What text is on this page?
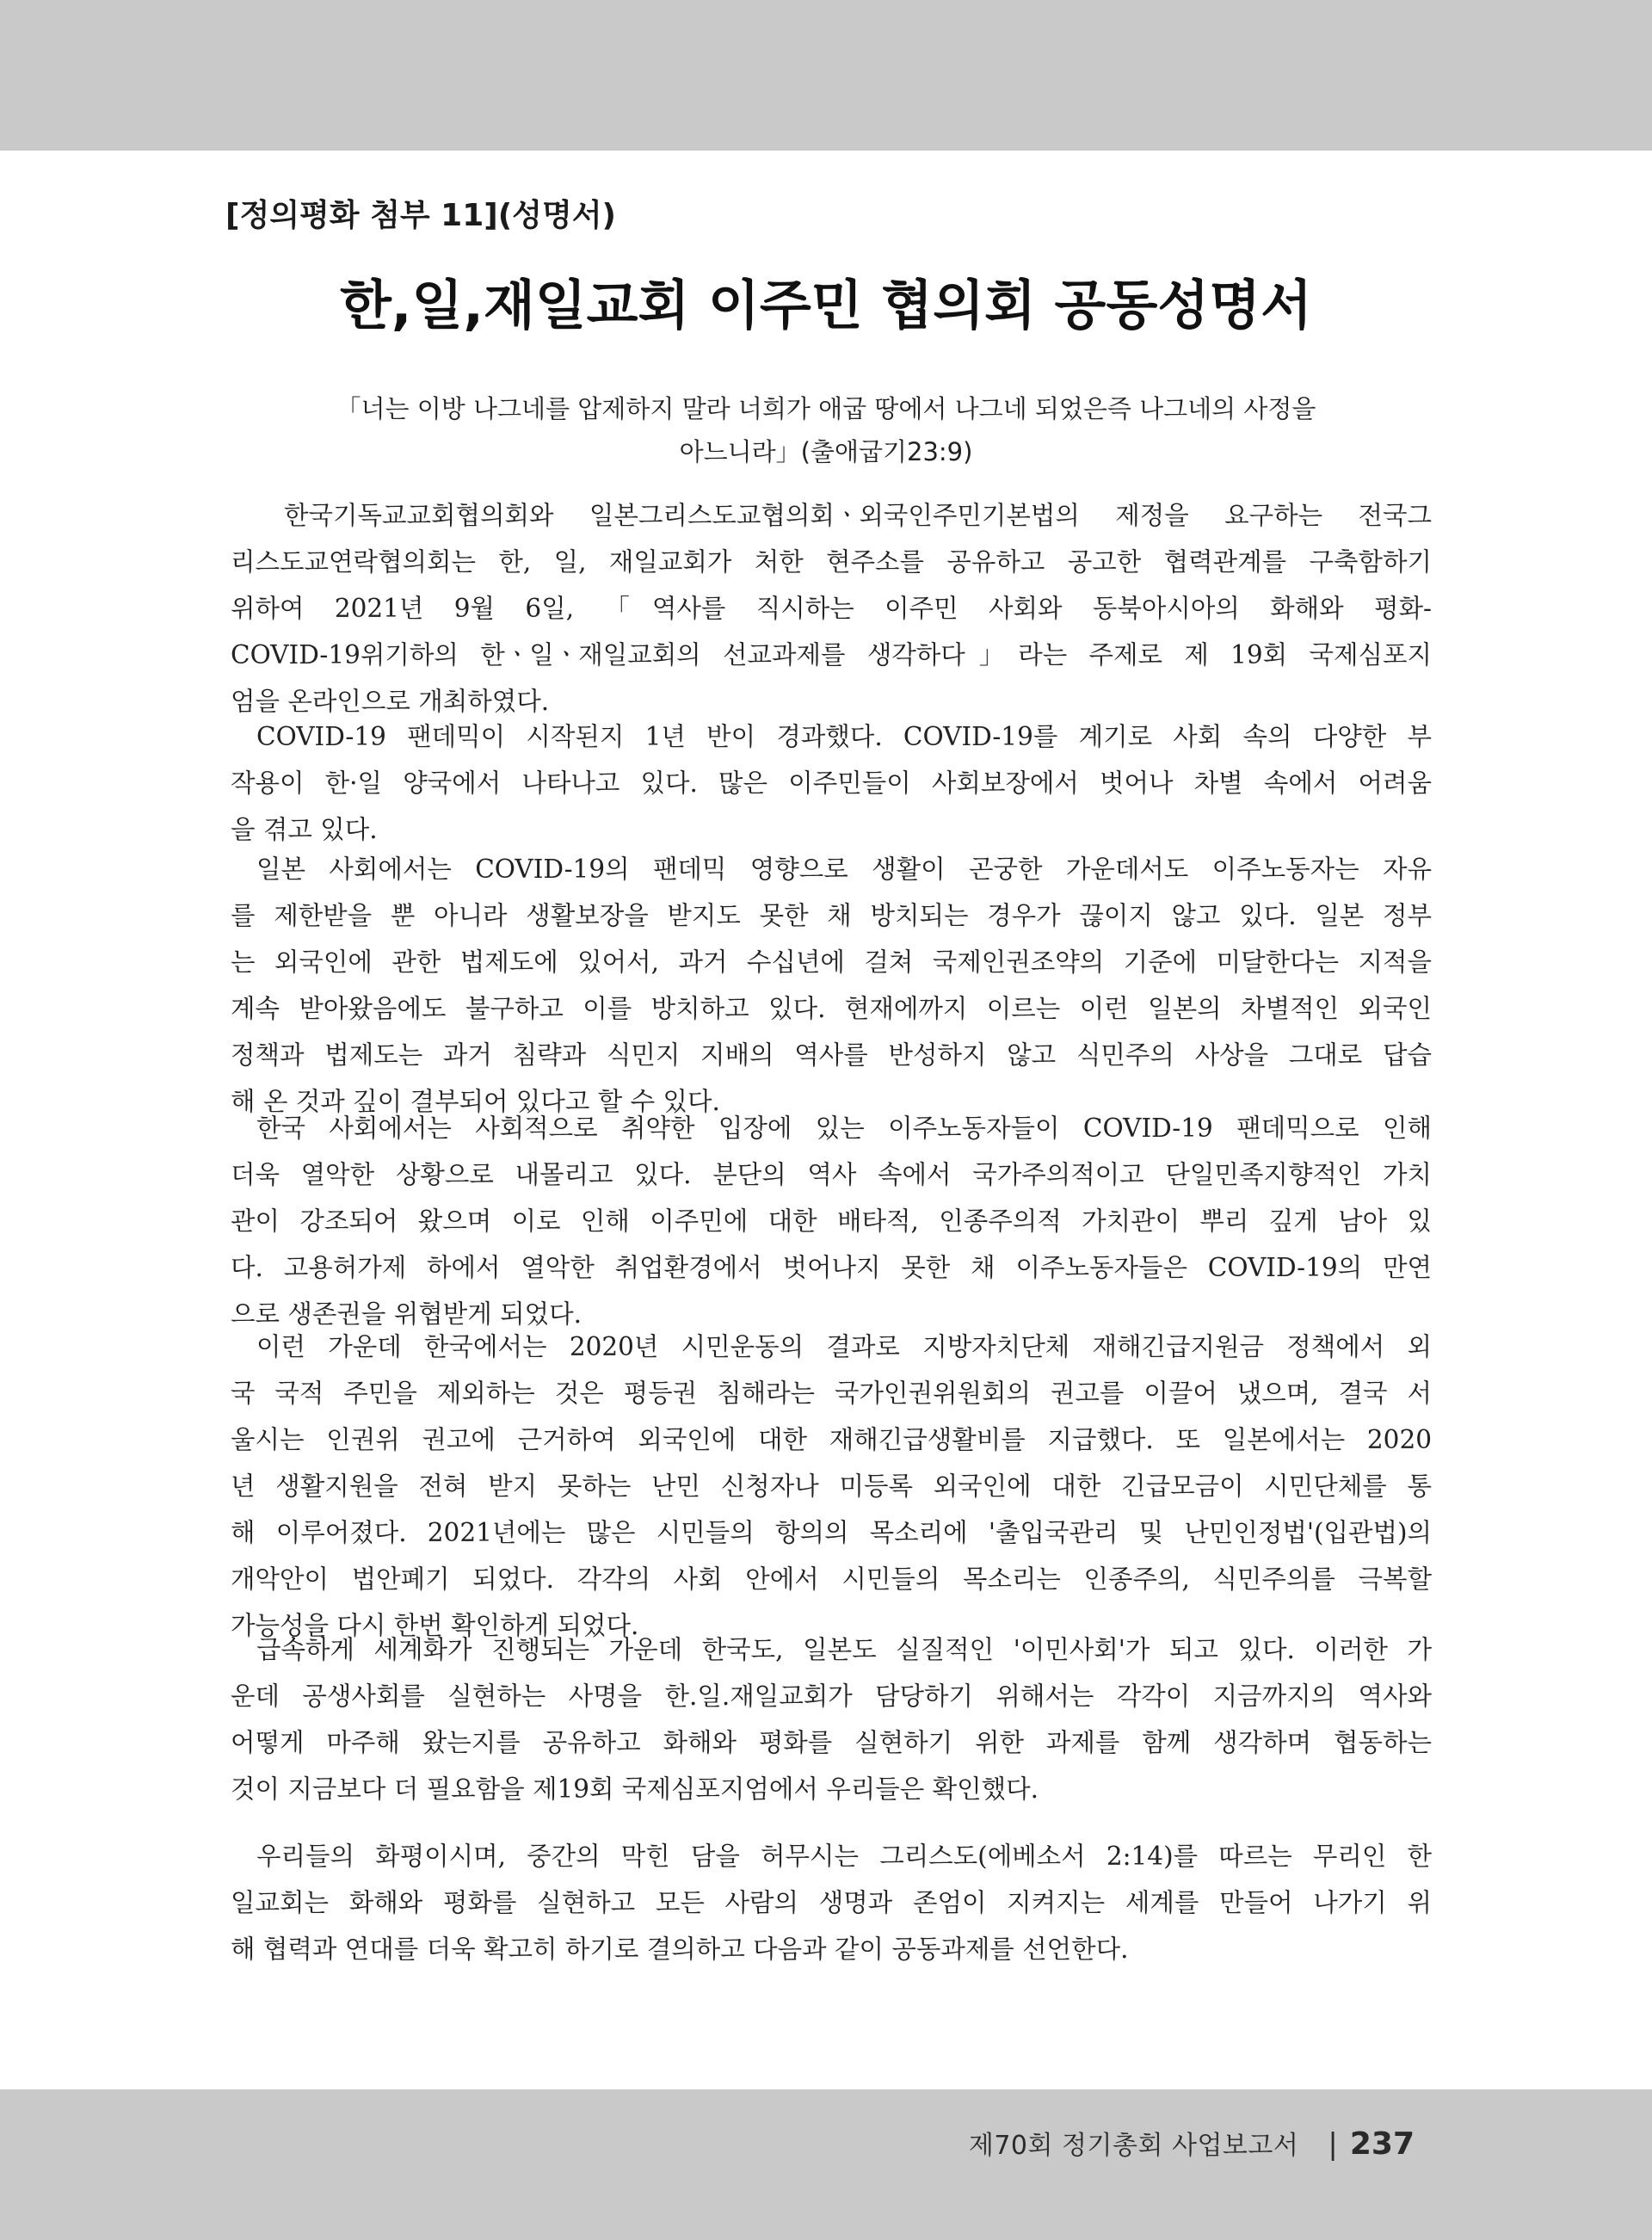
[정의평화 첨부 11](성명서)
한,일,재일교회 이주민 협의회 공동성명서
「너는 이방 나그네를 압제하지 말라 너희가 애굽 땅에서 나그네 되었은즉 나그네의 사정을
아느니라」(출애굽기23:9)
한국기독교교회협의회와 일본그리스도교협의회ㆍ외국인주민기본법의 제정을 요구하는 전국그
리스도교연락협의회는 한, 일, 재일교회가 처한 현주소를 공유하고 공고한 협력관계를 구축함하기
위하여 2021년 9월 6일, 「역사를 직시하는 이주민 사회와 동북아시아의 화해와 평화-
COVID-19위기하의 한ㆍ일ㆍ재일교회의 선교과제를 생각하다」라는 주제로 제 19회 국제심포지
엄을 온라인으로 개최하였다.
COVID-19 팬데믹이 시작된지 1년 반이 경과했다. COVID-19를 계기로 사회 속의 다양한 부
작용이 한·일 양국에서 나타나고 있다. 많은 이주민들이 사회보장에서 벗어나 차별 속에서 어려움
을 겪고 있다.
일본 사회에서는 COVID-19의 팬데믹 영향으로 생활이 곤궁한 가운데서도 이주노동자는 자유
를 제한받을 뿐 아니라 생활보장을 받지도 못한 채 방치되는 경우가 끊이지 않고 있다. 일본 정부
는 외국인에 관한 법제도에 있어서, 과거 수십년에 걸쳐 국제인권조약의 기준에 미달한다는 지적을
계속 받아왔음에도 불구하고 이를 방치하고 있다. 현재에까지 이르는 이런 일본의 차별적인 외국인
정책과 법제도는 과거 침략과 식민지 지배의 역사를 반성하지 않고 식민주의 사상을 그대로 답습
해 온 것과 깊이 결부되어 있다고 할 수 있다.
한국 사회에서는 사회적으로 취약한 입장에 있는 이주노동자들이 COVID-19 팬데믹으로 인해
더욱 열악한 상황으로 내몰리고 있다. 분단의 역사 속에서 국가주의적이고 단일민족지향적인 가치
관이 강조되어 왔으며 이로 인해 이주민에 대한 배타적, 인종주의적 가치관이 뿌리 깊게 남아 있
다. 고용허가제 하에서 열악한 취업환경에서 벗어나지 못한 채 이주노동자들은 COVID-19의 만연
으로 생존권을 위협받게 되었다.
이런 가운데 한국에서는 2020년 시민운동의 결과로 지방자치단체 재해긴급지원금 정책에서 외
국 국적 주민을 제외하는 것은 평등권 침해라는 국가인권위원회의 권고를 이끌어 냈으며, 결국 서
울시는 인권위 권고에 근거하여 외국인에 대한 재해긴급생활비를 지급했다. 또 일본에서는 2020
년 생활지원을 전혀 받지 못하는 난민 신청자나 미등록 외국인에 대한 긴급모금이 시민단체를 통
해 이루어졌다. 2021년에는 많은 시민들의 항의의 목소리에 '출입국관리 및 난민인정법'(입관법)의
개악안이 법안폐기 되었다. 각각의 사회 안에서 시민들의 목소리는 인종주의, 식민주의를 극복할
가능성을 다시 한번 확인하게 되었다.
급속하게 세계화가 진행되는 가운데 한국도, 일본도 실질적인 '이민사회'가 되고 있다. 이러한 가
운데 공생사회를 실현하는 사명을 한.일.재일교회가 담당하기 위해서는 각각이 지금까지의 역사와
어떻게 마주해 왔는지를 공유하고 화해와 평화를 실현하기 위한 과제를 함께 생각하며 협동하는
것이 지금보다 더 필요함을 제19회 국제심포지엄에서 우리들은 확인했다.
우리들의 화평이시며, 중간의 막힌 담을 허무시는 그리스도(에베소서 2:14)를 따르는 무리인 한
일교회는 화해와 평화를 실현하고 모든 사람의 생명과 존엄이 지켜지는 세계를 만들어 나가기 위
해 협력과 연대를 더욱 확고히 하기로 결의하고 다음과 같이 공동과제를 선언한다.
제70회 정기총회 사업보고서 | 237
